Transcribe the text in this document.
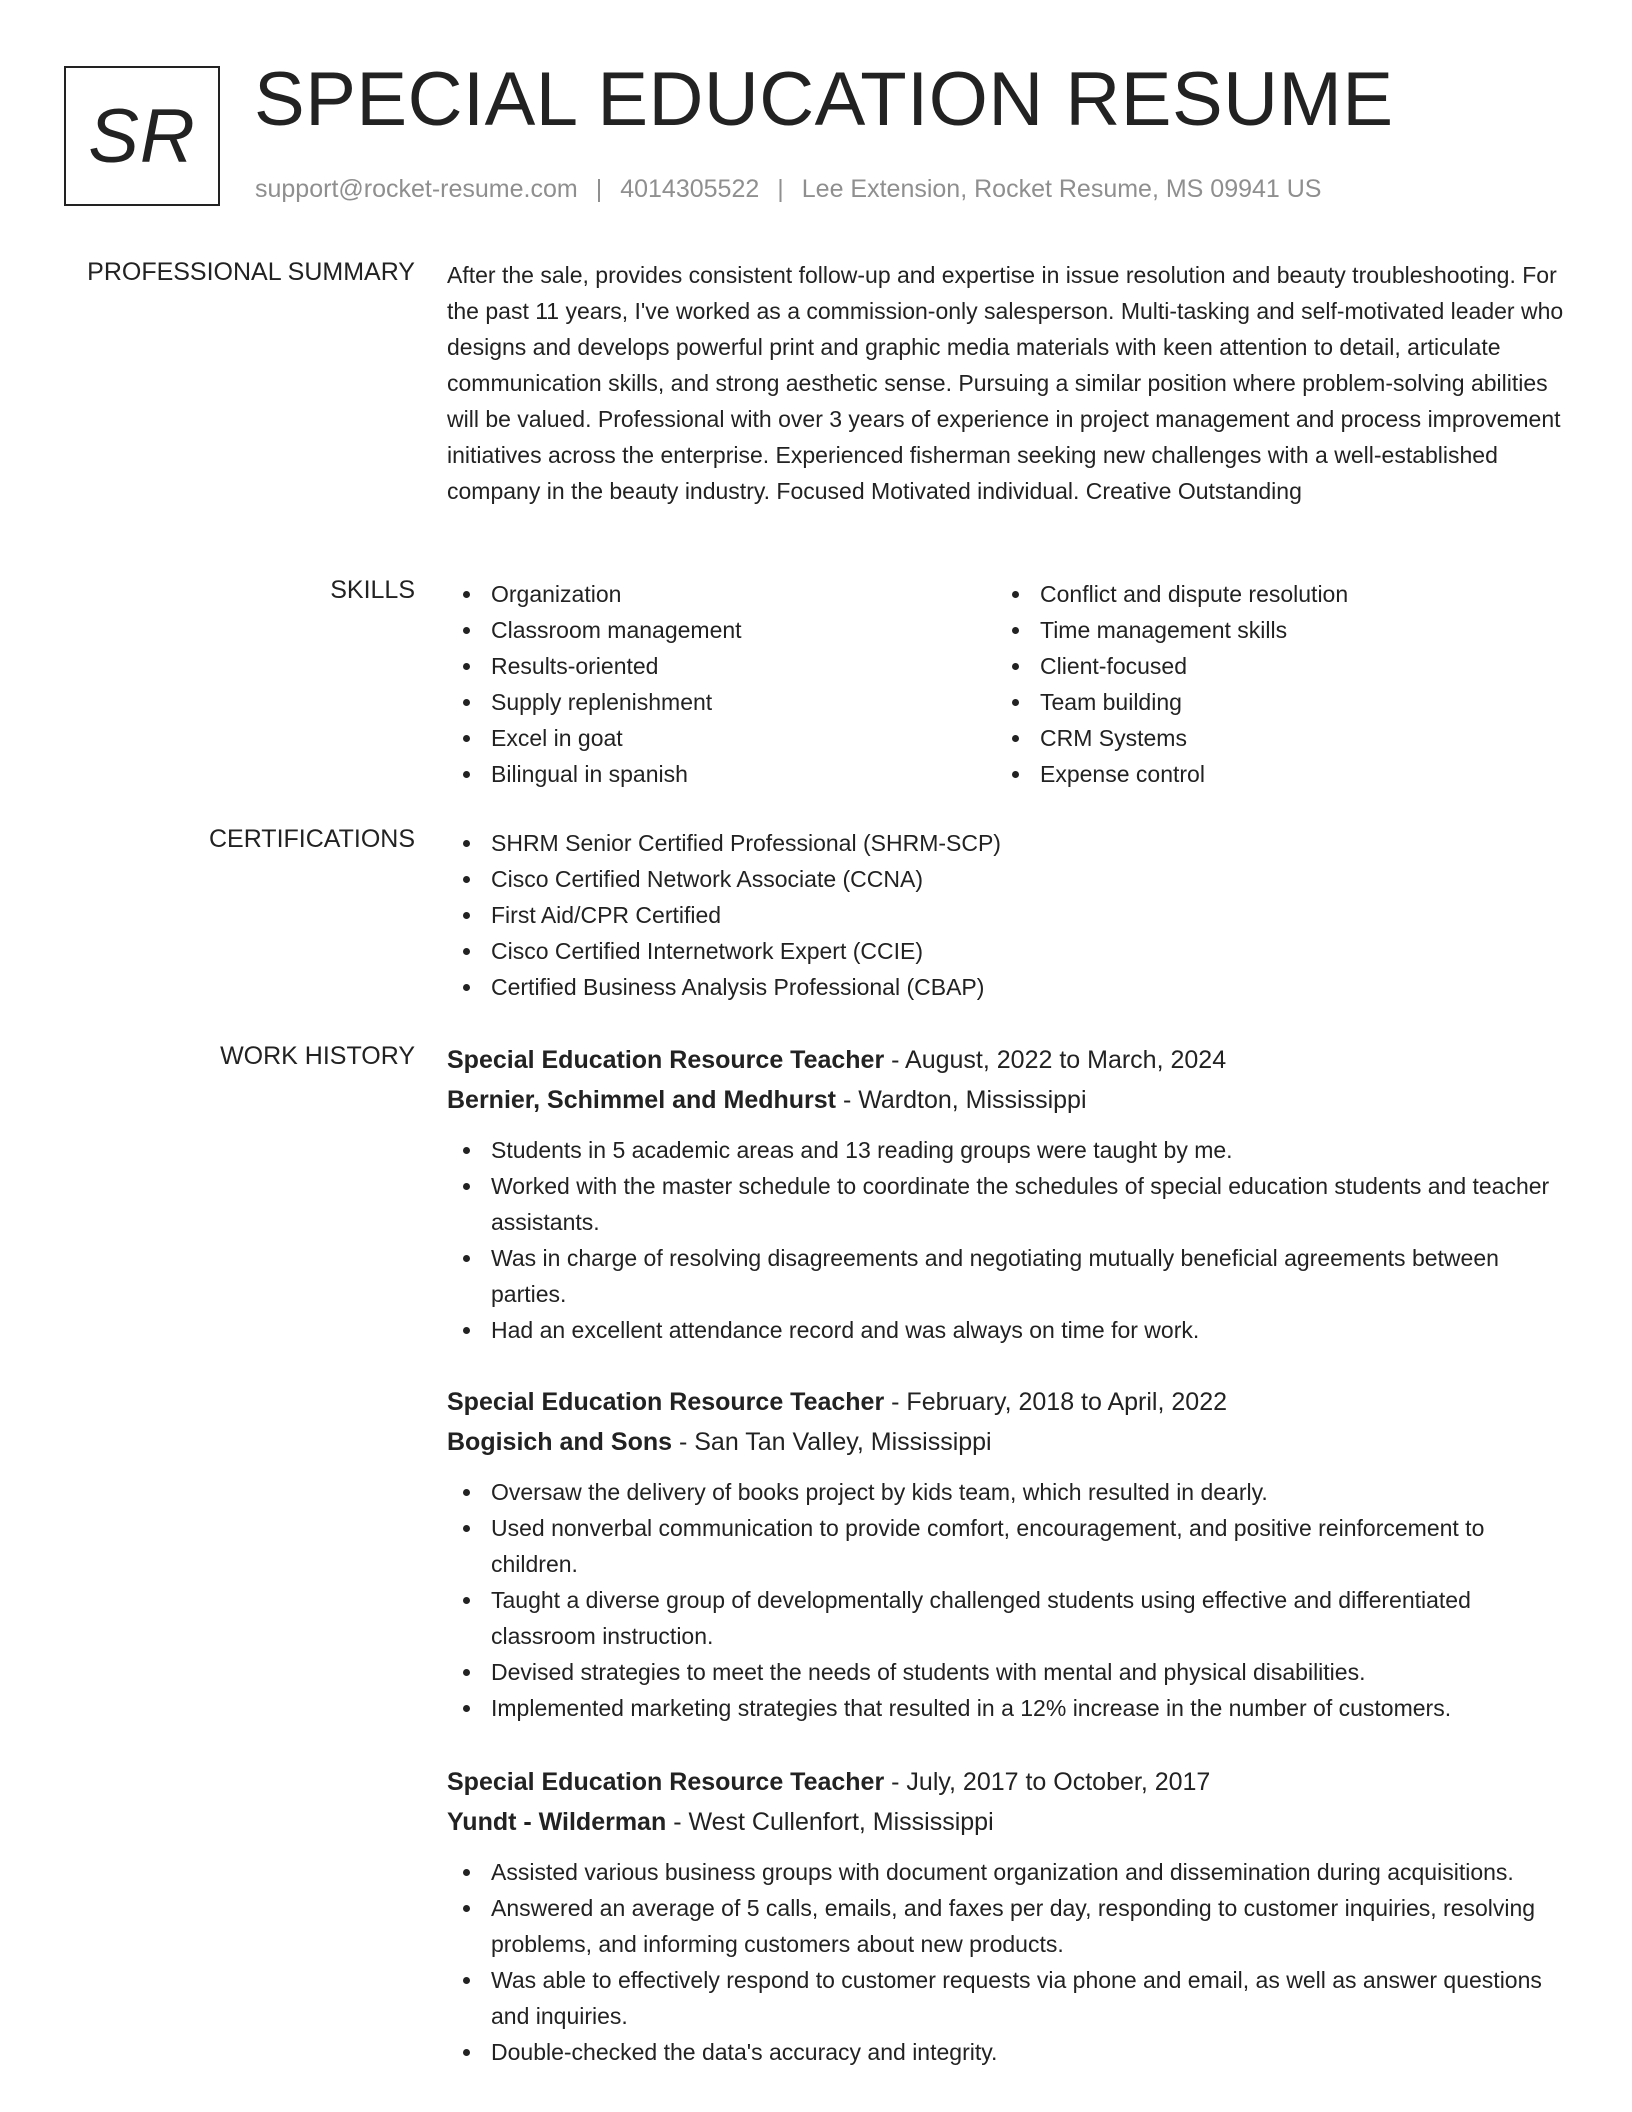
SR SPECIAL EDUCATION RESUME
support@rocket-resume.com | 4014305522 | Lee Extension, Rocket Resume, MS 09941 US
PROFESSIONAL SUMMARY After the sale, provides consistent follow-up and expertise in issue resolution and beauty troubleshooting. For the past 11 years, I've worked as a commission-only salesperson. Multi-tasking and self-motivated leader who designs and develops powerful print and graphic media materials with keen attention to detail, articulate communication skills, and strong aesthetic sense. Pursuing a similar position where problem-solving abilities will be valued. Professional with over 3 years of experience in project management and process improvement initiatives across the enterprise. Experienced fisherman seeking new challenges with a well-established company in the beauty industry. Focused Motivated individual. Creative Outstanding

SKILLS	Organization
Classroom management
Results-oriented
Supply replenishment
Excel in goat
Bilingual in spanish
Conflict and dispute resolution
Time management skills
Client-focused
Team building
CRM Systems
Expense control
CERTIFICATIONS	SHRM Senior Certified Professional (SHRM-SCP)
Cisco Certified Network Associate (CCNA)
First Aid/CPR Certified
Cisco Certified Internetwork Expert (CCIE)
Certified Business Analysis Professional (CBAP)
WORK HISTORY Special Education Resource Teacher - August, 2022 to March, 2024
Bernier, Schimmel and Medhurst - Wardton, Mississippi
Students in 5 academic areas and 13 reading groups were taught by me.
Worked with the master schedule to coordinate the schedules of special education students and teacher assistants.
Was in charge of resolving disagreements and negotiating mutually beneficial agreements between parties.
Had an excellent attendance record and was always on time for work.
Special Education Resource Teacher - February, 2018 to April, 2022
Bogisich and Sons - San Tan Valley, Mississippi
Oversaw the delivery of books project by kids team, which resulted in dearly.
Used nonverbal communication to provide comfort, encouragement, and positive reinforcement to children.
Taught a diverse group of developmentally challenged students using effective and differentiated classroom instruction.
Devised strategies to meet the needs of students with mental and physical disabilities.
Implemented marketing strategies that resulted in a 12% increase in the number of customers.
Special Education Resource Teacher - July, 2017 to October, 2017
Yundt - Wilderman - West Cullenfort, Mississippi
Assisted various business groups with document organization and dissemination during acquisitions.
Answered an average of 5 calls, emails, and faxes per day, responding to customer inquiries, resolving problems, and informing customers about new products.
Was able to effectively respond to customer requests via phone and email, as well as answer questions and inquiries.
Double-checked the data's accuracy and integrity.
